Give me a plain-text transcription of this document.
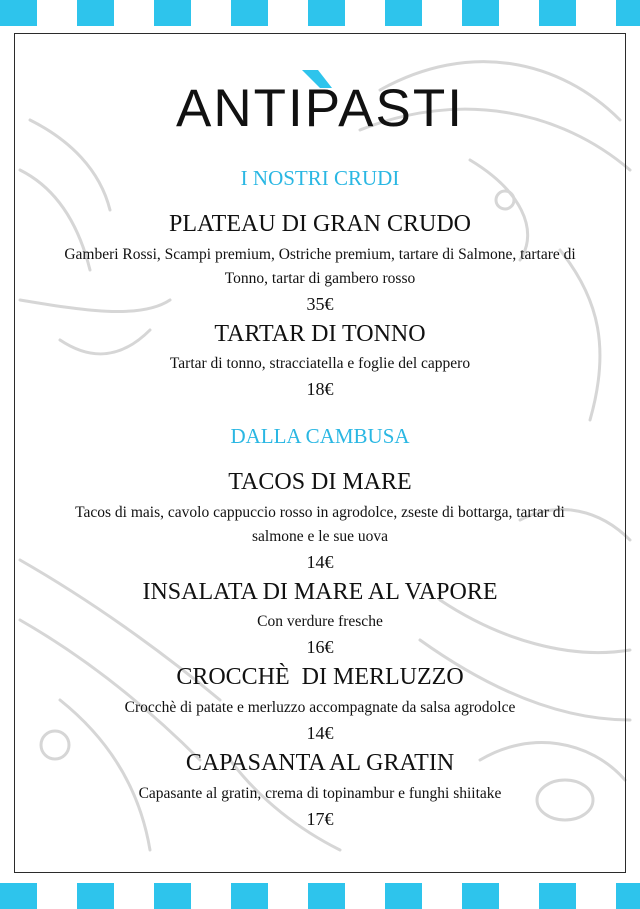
ANTIPASTI
I NOSTRI CRUDI
PLATEAU DI GRAN CRUDO
Gamberi Rossi, Scampi premium, Ostriche premium, tartare di Salmone, tartare di Tonno, tartar di gambero rosso
35€
TARTAR DI TONNO
Tartar di tonno, stracciatella e foglie del cappero
18€
DALLA CAMBUSA
TACOS DI MARE
Tacos di mais, cavolo cappuccio rosso in agrodolce, zseste di bottarga, tartar di salmone e le sue uova
14€
INSALATA DI MARE AL VAPORE
Con verdure fresche
16€
CROCCHÈ  DI MERLUZZO
Crocchè di patate e merluzzo accompagnate da salsa agrodolce
14€
CAPASANTA AL GRATIN
Capasante al gratin, crema di topinambur e funghi shiitake
17€
